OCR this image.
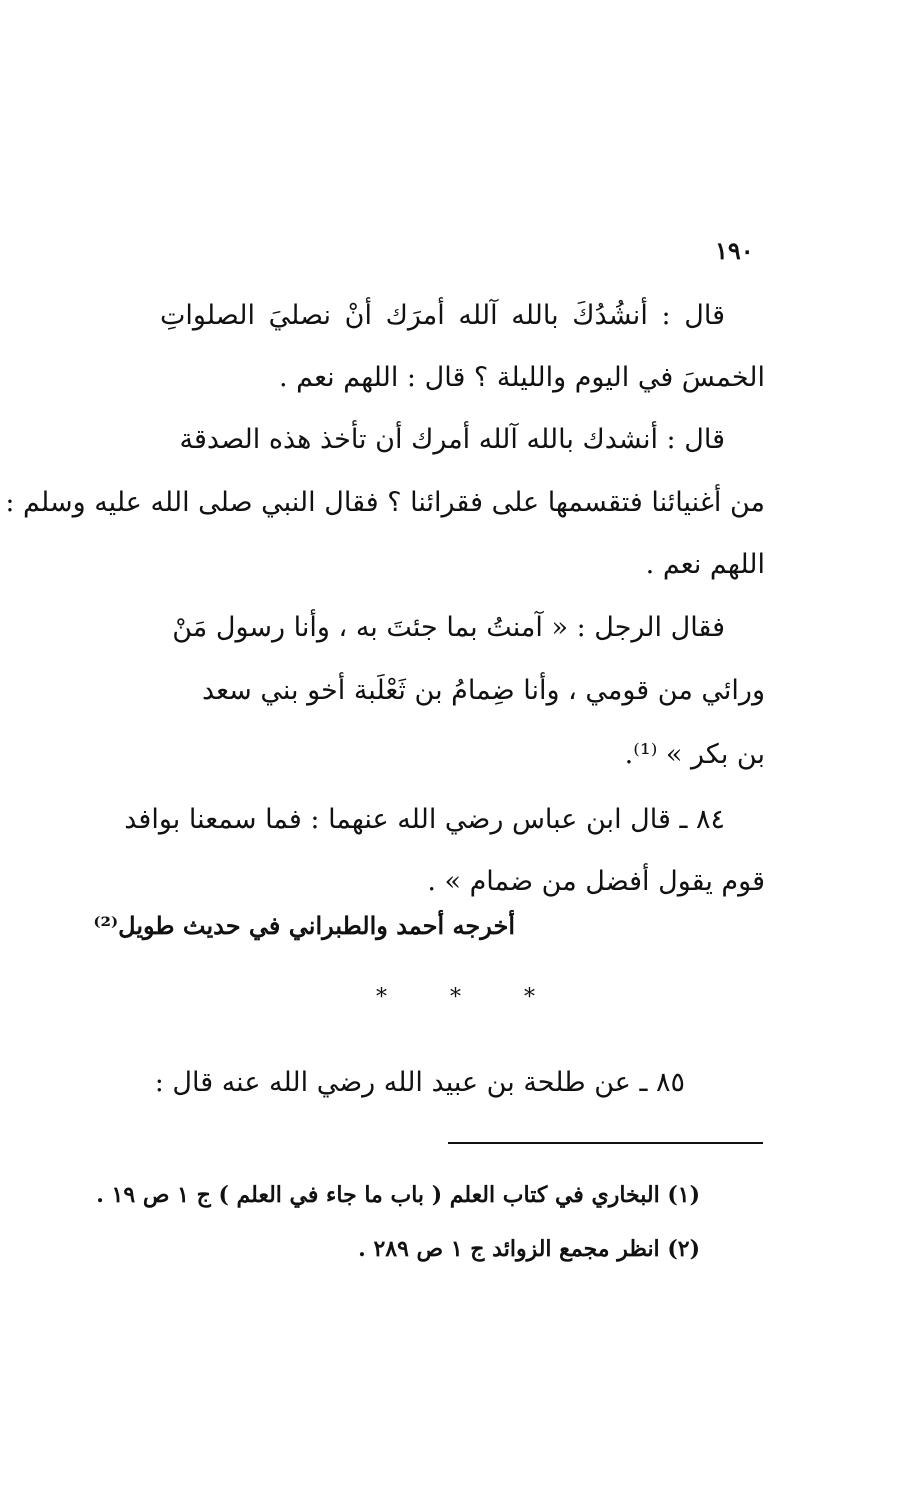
١٩٠
قال : أنشُدُكَ بالله آلله أمرَك أنْ نصليَ الصلواتِ
الخمسَ في اليوم والليلة ؟ قال : اللهم نعم .
قال : أنشدك بالله آلله أمرك أن تأخذ هذه الصدقة
من أغنيائنا فتقسمها على فقرائنا ؟ فقال النبي صلى الله عليه وسلم :
اللهم نعم .
فقال الرجل : « آمنتُ بما جئتَ به ، وأنا رسول مَنْ
ورائي من قومي ، وأنا ضِمامُ بن ثَعْلَبة أخو بني سعد
بن بكر » ⁽¹⁾.
٨٤ ـ قال ابن عباس رضي الله عنهما : فما سمعنا بوافد
قوم يقول أفضل من ضمام » .
أخرجه أحمد والطبراني في حديث طويل⁽²⁾
* * *
٨٥ ـ عن طلحة بن عبيد الله رضي الله عنه قال :
(١) البخاري في كتاب العلم ( باب ما جاء في العلم ) ج ١ ص ١٩ .
(٢) انظر مجمع الزوائد ج ١ ص ٢٨٩ .
